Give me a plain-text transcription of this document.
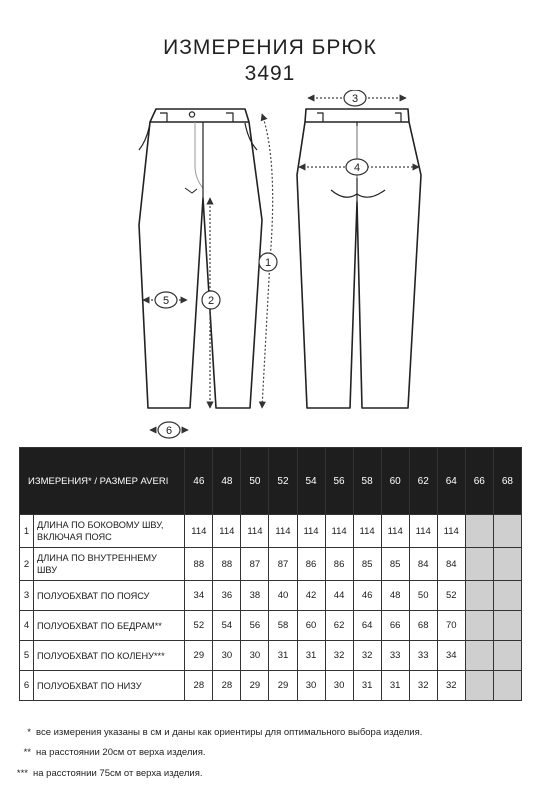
ИЗМЕРЕНИЯ БРЮК
3491
1
2
3
4
5
6
ИЗМЕРЕНИЯ* / РАЗМЕР AVERI		46	48	50	52	54	56	58	60	62	64	66	68
1	ДЛИНА ПО БОКОВОМУ ШВУ,
ВКЛЮЧАЯ ПОЯС	114	114	114	114	114	114	114	114	114	114		
2	ДЛИНА ПО ВНУТРЕННЕМУ
ШВУ	88	88	87	87	86	86	85	85	84	84		
3	ПОЛУОБХВАТ ПО ПОЯСУ	34	36	38	40	42	44	46	48	50	52		
4	ПОЛУОБХВАТ ПО БЕДРАМ**	52	54	56	58	60	62	64	66	68	70		
5	ПОЛУОБХВАТ ПО КОЛЕНУ***	29	30	30	31	31	32	32	33	33	34		
6	ПОЛУОБХВАТ ПО НИЗУ	28	28	29	29	30	30	31	31	32	32		
* все измерения указаны в см и даны как ориентиры для оптимального выбора изделия.
** на расстоянии 20см от верха изделия.
*** на расстоянии 75см от верха изделия.
